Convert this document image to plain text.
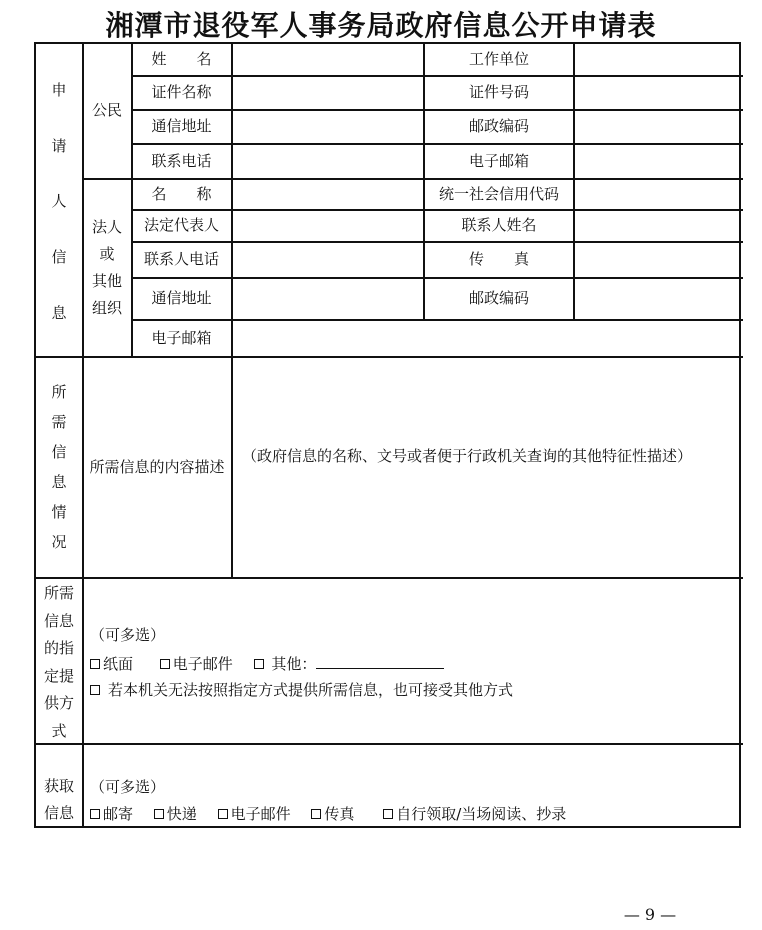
湘潭市退役军人事务局政府信息公开申请表
申
请
人
信
息
公民
姓　　名	工作单位
证件名称	证件号码
通信地址	邮政编码
联系电话	电子邮箱
法人
或
其他
组织
名　　称	统一社会信用代码
法定代表人	联系人姓名
联系人电话	传　　真
通信地址	邮政编码
电子邮箱
所
需
信
息
情
况
所需信息的内容描述
（政府信息的名称、文号或者便于行政机关查询的其他特征性描述）
所需
信息
的指
定提
供方
式
（可多选）
纸面	电子邮件	其他：
若本机关无法按照指定方式提供所需信息，也可接受其他方式
获取
信息
（可多选）
邮寄 快递 电子邮件 传真	自行领取/当场阅读、抄录
— 9 —
